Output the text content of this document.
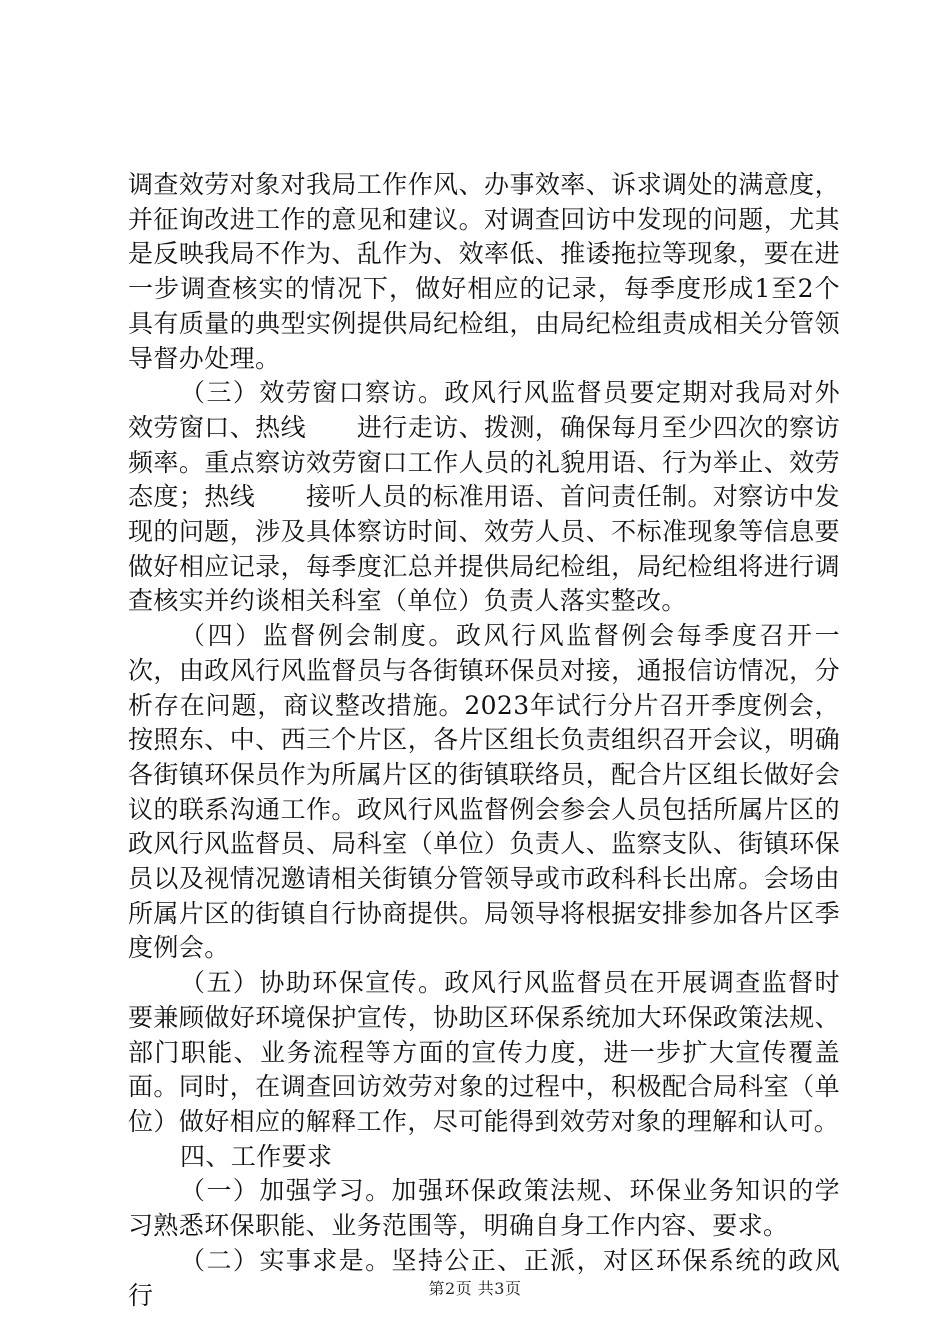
调查效劳对象对我局工作作风、办事效率、诉求调处的满意度，并征询改进工作的意见和建议。对调查回访中发现的问题，尤其是反映我局不作为、乱作为、效率低、推诿拖拉等现象，要在进一步调查核实的情况下，做好相应的记录，每季度形成1至2个具有质量的典型实例提供局纪检组，由局纪检组责成相关分管领导督办处理。

（三）效劳窗口察访。政风行风监督员要定期对我局对外效劳窗口、热线　　进行走访、拨测，确保每月至少四次的察访频率。重点察访效劳窗口工作人员的礼貌用语、行为举止、效劳态度；热线　　接听人员的标准用语、首问责任制。对察访中发现的问题，涉及具体察访时间、效劳人员、不标准现象等信息要做好相应记录，每季度汇总并提供局纪检组，局纪检组将进行调查核实并约谈相关科室（单位）负责人落实整改。

（四）监督例会制度。政风行风监督例会每季度召开一次，由政风行风监督员与各街镇环保员对接，通报信访情况，分析存在问题，商议整改措施。2023年试行分片召开季度例会，按照东、中、西三个片区，各片区组长负责组织召开会议，明确各街镇环保员作为所属片区的街镇联络员，配合片区组长做好会议的联系沟通工作。政风行风监督例会参会人员包括所属片区的政风行风监督员、局科室（单位）负责人、监察支队、街镇环保员以及视情况邀请相关街镇分管领导或市政科科长出席。会场由所属片区的街镇自行协商提供。局领导将根据安排参加各片区季度例会。

（五）协助环保宣传。政风行风监督员在开展调查监督时要兼顾做好环境保护宣传，协助区环保系统加大环保政策法规、部门职能、业务流程等方面的宣传力度，进一步扩大宣传覆盖面。同时，在调查回访效劳对象的过程中，积极配合局科室（单位）做好相应的解释工作，尽可能得到效劳对象的理解和认可。

四、工作要求

（一）加强学习。加强环保政策法规、环保业务知识的学习熟悉环保职能、业务范围等，明确自身工作内容、要求。

（二）实事求是。坚持公正、正派，对区环保系统的政风行	第2页 共3页
